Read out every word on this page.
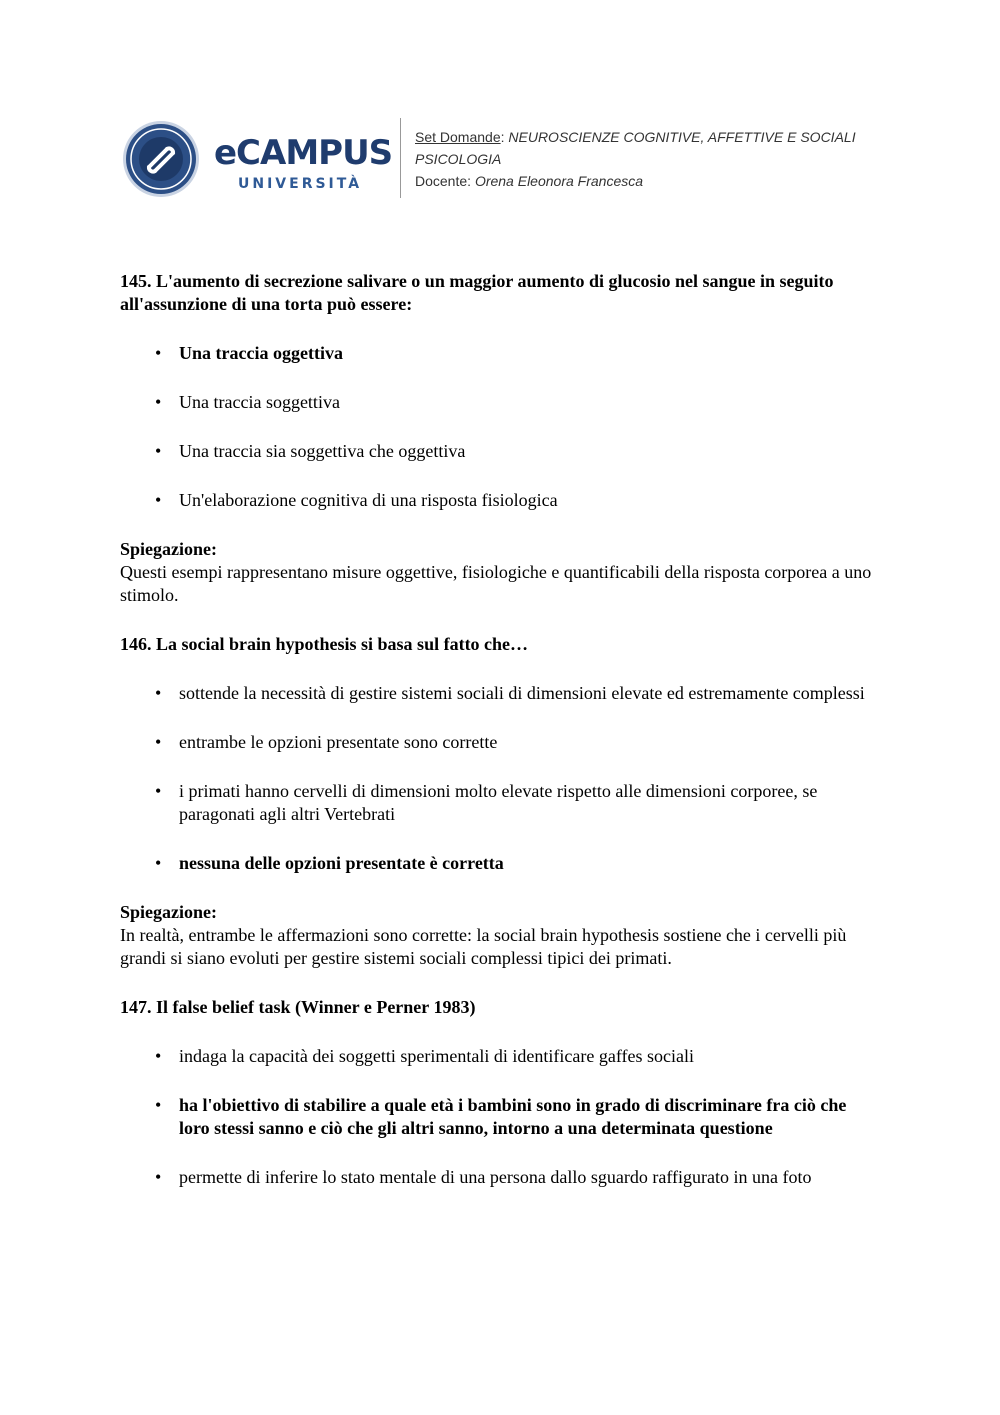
eCAMPUS
UNIVERSITÀ
Set Domande: NEUROSCIENZE COGNITIVE, AFFETTIVE E SOCIALI
PSICOLOGIA
Docente: Orena Eleonora Francesca

145. L'aumento di secrezione salivare o un maggior aumento di glucosio nel sangue in seguito all'assunzione di una torta può essere:

• Una traccia oggettiva
• Una traccia soggettiva
• Una traccia sia soggettiva che oggettiva
• Un'elaborazione cognitiva di una risposta fisiologica

Spiegazione:

Questi esempi rappresentano misure oggettive, fisiologiche e quantificabili della risposta corporea a uno stimolo.

146. La social brain hypothesis si basa sul fatto che…

• sottende la necessità di gestire sistemi sociali di dimensioni elevate ed estremamente complessi
• entrambe le opzioni presentate sono corrette
• i primati hanno cervelli di dimensioni molto elevate rispetto alle dimensioni corporee, se paragonati agli altri Vertebrati
• nessuna delle opzioni presentate è corretta

Spiegazione:

In realtà, entrambe le affermazioni sono corrette: la social brain hypothesis sostiene che i cervelli più grandi si siano evoluti per gestire sistemi sociali complessi tipici dei primati.

147. Il false belief task (Winner e Perner 1983)

• indaga la capacità dei soggetti sperimentali di identificare gaffes sociali
• ha l'obiettivo di stabilire a quale età i bambini sono in grado di discriminare fra ciò che loro stessi sanno e ciò che gli altri sanno, intorno a una determinata questione
• permette di inferire lo stato mentale di una persona dallo sguardo raffigurato in una foto
